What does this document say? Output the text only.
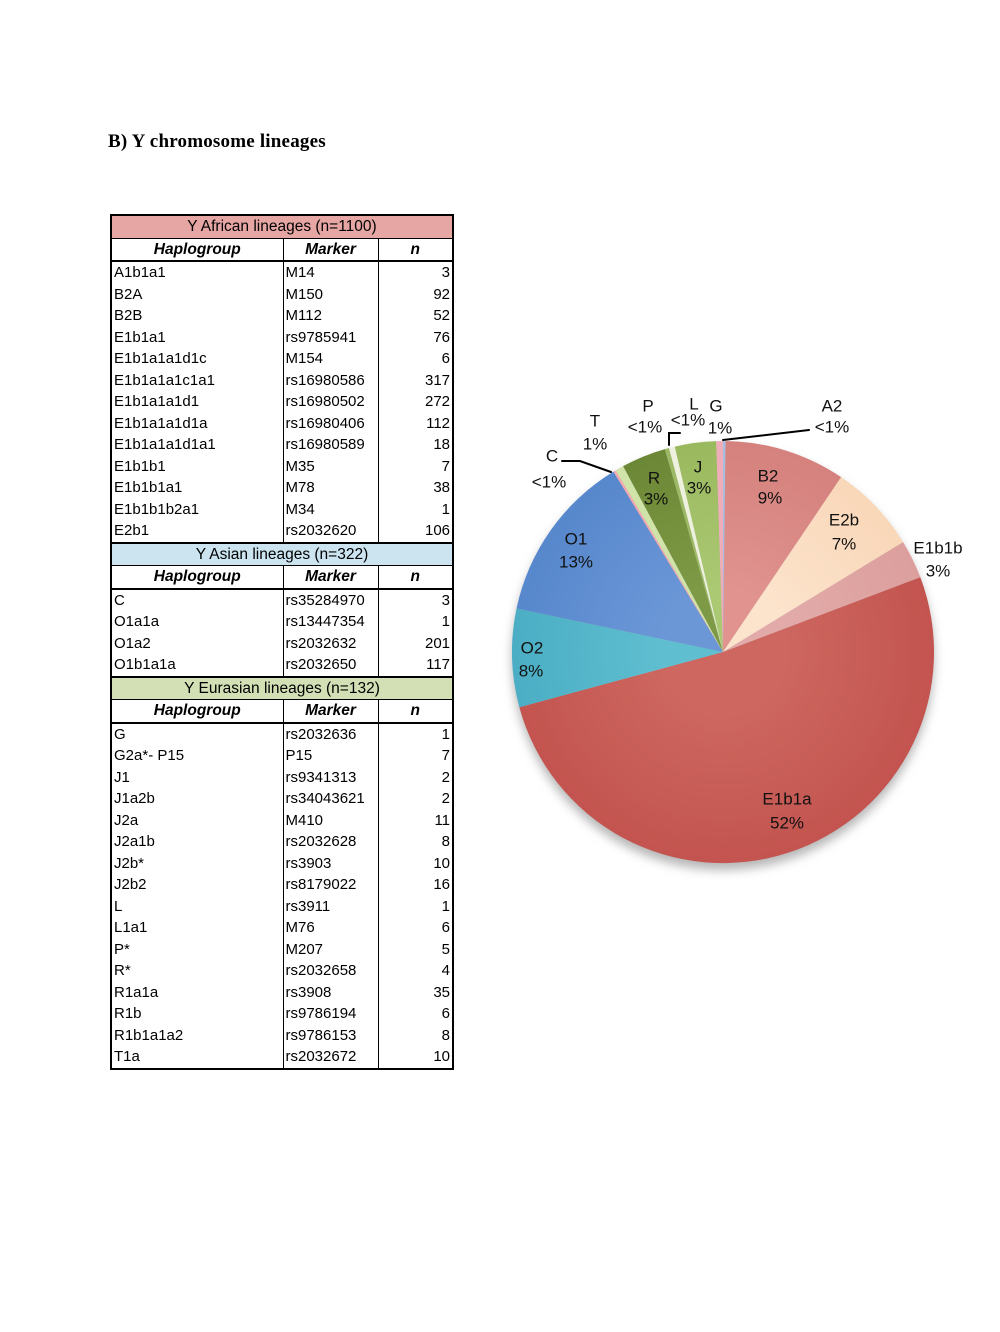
B) Y chromosome lineages
Y African lineages (n=1100)		
Haplogroup	Marker	n
A1b1a1	M14	3
B2A	M150	92
B2B	M112	52
E1b1a1	rs9785941	76
E1b1a1a1d1c	M154	6
E1b1a1a1c1a1	rs16980586	317
E1b1a1a1d1	rs16980502	272
E1b1a1a1d1a	rs16980406	112
E1b1a1a1d1a1	rs16980589	18
E1b1b1	M35	7
E1b1b1a1	M78	38
E1b1b1b2a1	M34	1
E2b1	rs2032620	106
Y Asian lineages (n=322)		
Haplogroup	Marker	n
C	rs35284970	3
O1a1a	rs13447354	1
O1a2	rs2032632	201
O1b1a1a	rs2032650	117
Y Eurasian lineages (n=132)		
Haplogroup	Marker	n
G	rs2032636	1
G2a*- P15	P15	7
J1	rs9341313	2
J1a2b	rs34043621	2
J2a	M410	11
J2a1b	rs2032628	8
J2b*	rs3903	10
J2b2	rs8179022	16
L	rs3911	1
L1a1	M76	6
P*	M207	5
R*	rs2032658	4
R1a1a	rs3908	35
R1b	rs9786194	6
R1b1a1a2	rs9786153	8
T1a	rs2032672	10
A2
<1%
B2
9%
E2b
7%	E1b1b
3%
E1b1a
52%
O2
8%
O1
13%
C
<1%
T
1%
R
3%
P
<1%
L
<1%
J
3%
G
1%
